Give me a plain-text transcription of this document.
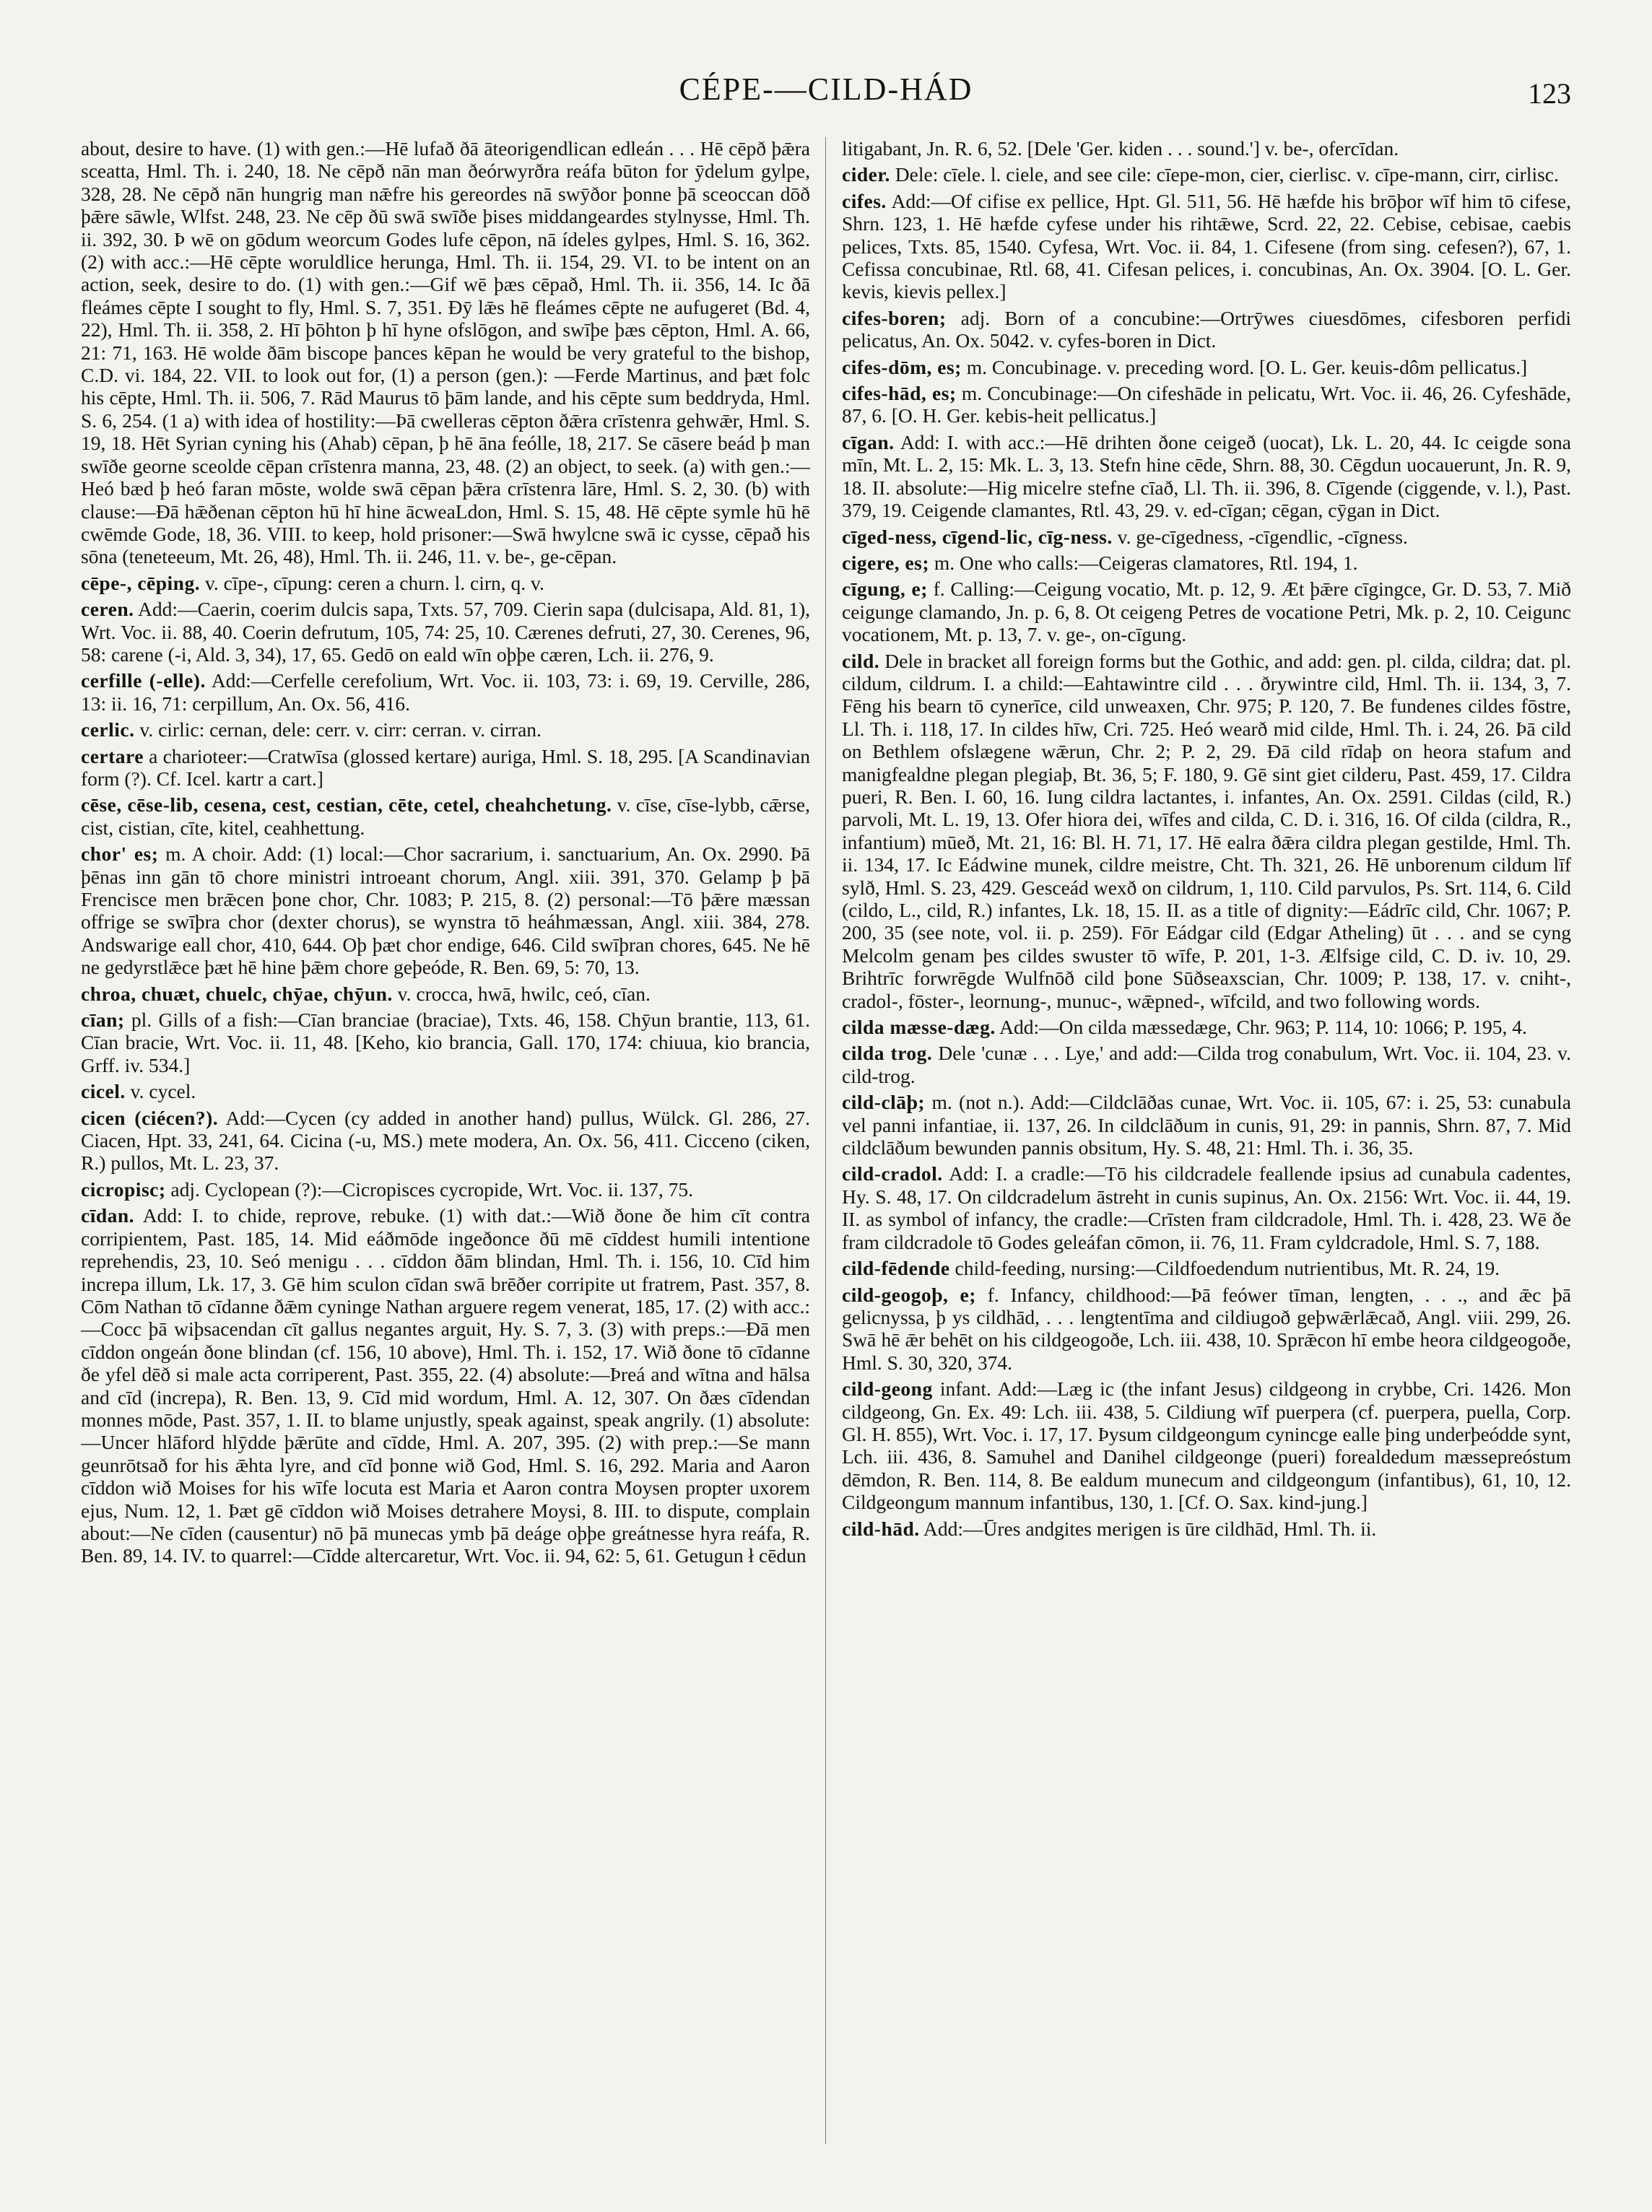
CÉPE-—CILD-HÁD	123

about, desire to have. (1) with gen.:—Hē lufað ðā āteorigendlican edleán . . . Hē cēpð þǣra sceatta, Hml. Th. i. 240, 18. Ne cēpð nān man ðeórwyrðra reáfa būton for ȳdelum gylpe, 328, 28. Ne cēpð nān hungrig man nǣfre his gereordes nā swȳðor þonne þā sceoccan dōð þǣre sāwle, Wlfst. 248, 23. Ne cēp ðū swā swīðe þises middangeardes stylnysse, Hml. Th. ii. 392, 30. Þ wē on gōdum weorcum Godes lufe cēpon, nā ídeles gylpes, Hml. S. 16, 362. (2) with acc.:—Hē cēpte woruldlice herunga, Hml. Th. ii. 154, 29. VI. to be intent on an action, seek, desire to do. (1) with gen.:—Gif wē þæs cēpað, Hml. Th. ii. 356, 14. Ic ðā fleámes cēpte I sought to fly, Hml. S. 7, 351. Ðȳ lǣs hē fleámes cēpte ne aufugeret (Bd. 4, 22), Hml. Th. ii. 358, 2. Hī þōhton þ hī hyne ofslōgon, and swīþe þæs cēpton, Hml. A. 66, 21: 71, 163. Hē wolde ðām biscope þances kēpan he would be very grateful to the bishop, C.D. vi. 184, 22. VII. to look out for, (1) a person (gen.): —Ferde Martinus, and þæt folc his cēpte, Hml. Th. ii. 506, 7. Rād Maurus tō þām lande, and his cēpte sum beddryda, Hml. S. 6, 254. (1 a) with idea of hostility:—Þā cwelleras cēpton ðǣra crīstenra gehwǣr, Hml. S. 19, 18. Hēt Syrian cyning his (Ahab) cēpan, þ hē āna feólle, 18, 217. Se cāsere beád þ man swīðe georne sceolde cēpan crīstenra manna, 23, 48. (2) an object, to seek. (a) with gen.:—Heó bæd þ heó faran mōste, wolde swā cēpan þǣra crīstenra lāre, Hml. S. 2, 30. (b) with clause:—Ðā hǣðenan cēpton hū hī hine ācweaLdon, Hml. S. 15, 48. Hē cēpte symle hū hē cwēmde Gode, 18, 36. VIII. to keep, hold prisoner:—Swā hwylcne swā ic cysse, cēpað his sōna (teneteeum, Mt. 26, 48), Hml. Th. ii. 246, 11. v. be-, ge-cēpan.

cēpe-, cēping. v. cīpe-, cīpung: ceren a churn. l. cirn, q. v.

ceren. Add:—Caerin, coerim dulcis sapa, Txts. 57, 709. Cierin sapa (dulcisapa, Ald. 81, 1), Wrt. Voc. ii. 88, 40. Coerin defrutum, 105, 74: 25, 10. Cærenes defruti, 27, 30. Cerenes, 96, 58: carene (-i, Ald. 3, 34), 17, 65. Gedō on eald wīn oþþe cæren, Lch. ii. 276, 9.

cerfille (-elle). Add:—Cerfelle cerefolium, Wrt. Voc. ii. 103, 73: i. 69, 19. Cerville, 286, 13: ii. 16, 71: cerpillum, An. Ox. 56, 416.

cerlic. v. cirlic: cernan, dele: cerr. v. cirr: cerran. v. cirran.

certare a charioteer:—Cratwīsa (glossed kertare) auriga, Hml. S. 18, 295. [A Scandinavian form (?). Cf. Icel. kartr a cart.]

cēse, cēse-lib, cesena, cest, cestian, cēte, cetel, cheahchetung. v. cīse, cīse-lybb, cǣrse, cist, cistian, cīte, kitel, ceahhettung.

chor' es; m. A choir. Add: (1) local:—Chor sacrarium, i. sanctuarium, An. Ox. 2990. Þā þēnas inn gān tō chore ministri introeant chorum, Angl. xiii. 391, 370. Gelamp þ þā Frencisce men brǣcen þone chor, Chr. 1083; P. 215, 8. (2) personal:—Tō þǣre mæssan offrige se swīþra chor (dexter chorus), se wynstra tō heáhmæssan, Angl. xiii. 384, 278. Andswarige eall chor, 410, 644. Oþ þæt chor endige, 646. Cild swīþran chores, 645. Ne hē ne gedyrstlǣce þæt hē hine þǣm chore geþeóde, R. Ben. 69, 5: 70, 13.

chroa, chuæt, chuelc, chȳae, chȳun. v. crocca, hwā, hwilc, ceó, cīan.

cīan; pl. Gills of a fish:—Cīan branciae (braciae), Txts. 46, 158. Chȳun brantie, 113, 61. Cīan bracie, Wrt. Voc. ii. 11, 48. [Keho, kio brancia, Gall. 170, 174: chiuua, kio brancia, Grff. iv. 534.]

cicel. v. cycel.

cicen (ciécen?). Add:—Cycen (cy added in another hand) pullus, Wülck. Gl. 286, 27. Ciacen, Hpt. 33, 241, 64. Cicina (-u, MS.) mete modera, An. Ox. 56, 411. Cicceno (ciken, R.) pullos, Mt. L. 23, 37.

cicropisc; adj. Cyclopean (?):—Cicropisces cycropide, Wrt. Voc. ii. 137, 75.

cīdan. Add: I. to chide, reprove, rebuke. (1) with dat.:—Wið ðone ðe him cīt contra corripientem, Past. 185, 14. Mid eáðmōde ingeðonce ðū mē cīddest humili intentione reprehendis, 23, 10. Seó menigu . . . cīddon ðām blindan, Hml. Th. i. 156, 10. Cīd him increpa illum, Lk. 17, 3. Gē him sculon cīdan swā brēðer corripite ut fratrem, Past. 357, 8. Cōm Nathan tō cīdanne ðǣm cyninge Nathan arguere regem venerat, 185, 17. (2) with acc.:—Cocc þā wiþsacendan cīt gallus negantes arguit, Hy. S. 7, 3. (3) with preps.:—Ðā men cīddon ongeán ðone blindan (cf. 156, 10 above), Hml. Th. i. 152, 17. Wið ðone tō cīdanne ðe yfel dēð si male acta corriperent, Past. 355, 22. (4) absolute:—Þreá and wītna and hālsa and cīd (increpa), R. Ben. 13, 9. Cīd mid wordum, Hml. A. 12, 307. On ðæs cīdendan monnes mōde, Past. 357, 1. II. to blame unjustly, speak against, speak angrily. (1) absolute:—Uncer hlāford hlȳdde þǣrūte and cīdde, Hml. A. 207, 395. (2) with prep.:—Se mann geunrōtsað for his ǣhta lyre, and cīd þonne wið God, Hml. S. 16, 292. Maria and Aaron cīddon wið Moises for his wīfe locuta est Maria et Aaron contra Moysen propter uxorem ejus, Num. 12, 1. Þæt gē cīddon wið Moises detrahere Moysi, 8. III. to dispute, complain about:—Ne cīden (causentur) nō þā munecas ymb þā deáge oþþe greátnesse hyra reáfa, R. Ben. 89, 14. IV. to quarrel:—Cīdde altercaretur, Wrt. Voc. ii. 94, 62: 5, 61. Getugun ł cēdun

litigabant, Jn. R. 6, 52. [Dele 'Ger. kiden . . . sound.'] v. be-, ofercīdan.

cider. Dele: cīele. l. ciele, and see cile: cīepe-mon, cier, cierlisc. v. cīpe-mann, cirr, cirlisc.

cifes. Add:—Of cifise ex pellice, Hpt. Gl. 511, 56. Hē hæfde his brōþor wīf him tō cifese, Shrn. 123, 1. Hē hæfde cyfese under his rihtǣwe, Scrd. 22, 22. Cebise, cebisae, caebis pelices, Txts. 85, 1540. Cyfesa, Wrt. Voc. ii. 84, 1. Cifesene (from sing. cefesen?), 67, 1. Cefissa concubinae, Rtl. 68, 41. Cifesan pelices, i. concubinas, An. Ox. 3904. [O. L. Ger. kevis, kievis pellex.]

cifes-boren; adj. Born of a concubine:—Ortrȳwes ciuesdōmes, cifesboren perfidi pelicatus, An. Ox. 5042. v. cyfes-boren in Dict.

cifes-dōm, es; m. Concubinage. v. preceding word. [O. L. Ger. keuis-dôm pellicatus.]

cifes-hād, es; m. Concubinage:—On cifeshāde in pelicatu, Wrt. Voc. ii. 46, 26. Cyfeshāde, 87, 6. [O. H. Ger. kebis-heit pellicatus.]

cīgan. Add: I. with acc.:—Hē drihten ðone ceigeð (uocat), Lk. L. 20, 44. Ic ceigde sona mīn, Mt. L. 2, 15: Mk. L. 3, 13. Stefn hine cēde, Shrn. 88, 30. Cēgdun uocauerunt, Jn. R. 9, 18. II. absolute:—Hig micelre stefne cīað, Ll. Th. ii. 396, 8. Cīgende (ciggende, v. l.), Past. 379, 19. Ceigende clamantes, Rtl. 43, 29. v. ed-cīgan; cēgan, cȳgan in Dict.

cīged-ness, cīgend-lic, cīg-ness. v. ge-cīgedness, -cīgendlic, -cīgness.

cigere, es; m. One who calls:—Ceigeras clamatores, Rtl. 194, 1.

cīgung, e; f. Calling:—Ceigung vocatio, Mt. p. 12, 9. Æt þǣre cīgingce, Gr. D. 53, 7. Mið ceigunge clamando, Jn. p. 6, 8. Ot ceigeng Petres de vocatione Petri, Mk. p. 2, 10. Ceigunc vocationem, Mt. p. 13, 7. v. ge-, on-cīgung.

cild. Dele in bracket all foreign forms but the Gothic, and add: gen. pl. cilda, cildra; dat. pl. cildum, cildrum. I. a child:—Eahtawintre cild . . . ðrywintre cild, Hml. Th. ii. 134, 3, 7. Fēng his bearn tō cynerīce, cild unweaxen, Chr. 975; P. 120, 7. Be fundenes cildes fōstre, Ll. Th. i. 118, 17. In cildes hīw, Cri. 725. Heó wearð mid cilde, Hml. Th. i. 24, 26. Þā cild on Bethlem ofslægene wǣrun, Chr. 2; P. 2, 29. Ðā cild rīdaþ on heora stafum and manigfealdne plegan plegiaþ, Bt. 36, 5; F. 180, 9. Gē sint giet cilderu, Past. 459, 17. Cildra pueri, R. Ben. I. 60, 16. Iung cildra lactantes, i. infantes, An. Ox. 2591. Cildas (cild, R.) parvoli, Mt. L. 19, 13. Ofer hiora dei, wīfes and cilda, C. D. i. 316, 16. Of cilda (cildra, R., infantium) mūeð, Mt. 21, 16: Bl. H. 71, 17. Hē ealra ðǣra cildra plegan gestilde, Hml. Th. ii. 134, 17. Ic Eádwine munek, cildre meistre, Cht. Th. 321, 26. Hē unborenum cildum līf sylð, Hml. S. 23, 429. Gesceád wexð on cildrum, 1, 110. Cild parvulos, Ps. Srt. 114, 6. Cild (cildo, L., cild, R.) infantes, Lk. 18, 15. II. as a title of dignity:—Eádrīc cild, Chr. 1067; P. 200, 35 (see note, vol. ii. p. 259). Fōr Eádgar cild (Edgar Atheling) ūt . . . and se cyng Melcolm genam þes cildes swuster tō wīfe, P. 201, 1-3. Ælfsige cild, C. D. iv. 10, 29. Brihtrīc forwrēgde Wulfnōð cild þone Sūðseaxscian, Chr. 1009; P. 138, 17. v. cniht-, cradol-, fōster-, leornung-, munuc-, wǣpned-, wīfcild, and two following words.

cilda mæsse-dæg. Add:—On cilda mæssedæge, Chr. 963; P. 114, 10: 1066; P. 195, 4.

cilda trog. Dele 'cunæ . . . Lye,' and add:—Cilda trog conabulum, Wrt. Voc. ii. 104, 23. v. cild-trog.

cild-clāþ; m. (not n.). Add:—Cildclāðas cunae, Wrt. Voc. ii. 105, 67: i. 25, 53: cunabula vel panni infantiae, ii. 137, 26. In cildclāðum in cunis, 91, 29: in pannis, Shrn. 87, 7. Mid cildclāðum bewunden pannis obsitum, Hy. S. 48, 21: Hml. Th. i. 36, 35.

cild-cradol. Add: I. a cradle:—Tō his cildcradele feallende ipsius ad cunabula cadentes, Hy. S. 48, 17. On cildcradelum āstreht in cunis supinus, An. Ox. 2156: Wrt. Voc. ii. 44, 19. II. as symbol of infancy, the cradle:—Crīsten fram cildcradole, Hml. Th. i. 428, 23. Wē ðe fram cildcradole tō Godes geleáfan cōmon, ii. 76, 11. Fram cyldcradole, Hml. S. 7, 188.

cild-fēdende child-feeding, nursing:—Cildfoedendum nutrientibus, Mt. R. 24, 19.

cild-geogoþ, e; f. Infancy, childhood:—Þā feówer tīman, lengten, . . ., and ǣc þā gelicnyssa, þ ys cildhād, . . . lengtentīma and cildiugoð geþwǣrlǣcað, Angl. viii. 299, 26. Swā hē ǣr behēt on his cildgeogoðe, Lch. iii. 438, 10. Sprǣcon hī embe heora cildgeogoðe, Hml. S. 30, 320, 374.

cild-geong infant. Add:—Læg ic (the infant Jesus) cildgeong in crybbe, Cri. 1426. Mon cildgeong, Gn. Ex. 49: Lch. iii. 438, 5. Cildiung wīf puerpera (cf. puerpera, puella, Corp. Gl. H. 855), Wrt. Voc. i. 17, 17. Þysum cildgeongum cynincge ealle þing underþeódde synt, Lch. iii. 436, 8. Samuhel and Danihel cildgeonge (pueri) forealdedum mæssepreóstum dēmdon, R. Ben. 114, 8. Be ealdum munecum and cildgeongum (infantibus), 61, 10, 12. Cildgeongum mannum infantibus, 130, 1. [Cf. O. Sax. kind-jung.]

cild-hād. Add:—Ūres andgites merigen is ūre cildhād, Hml. Th. ii.
